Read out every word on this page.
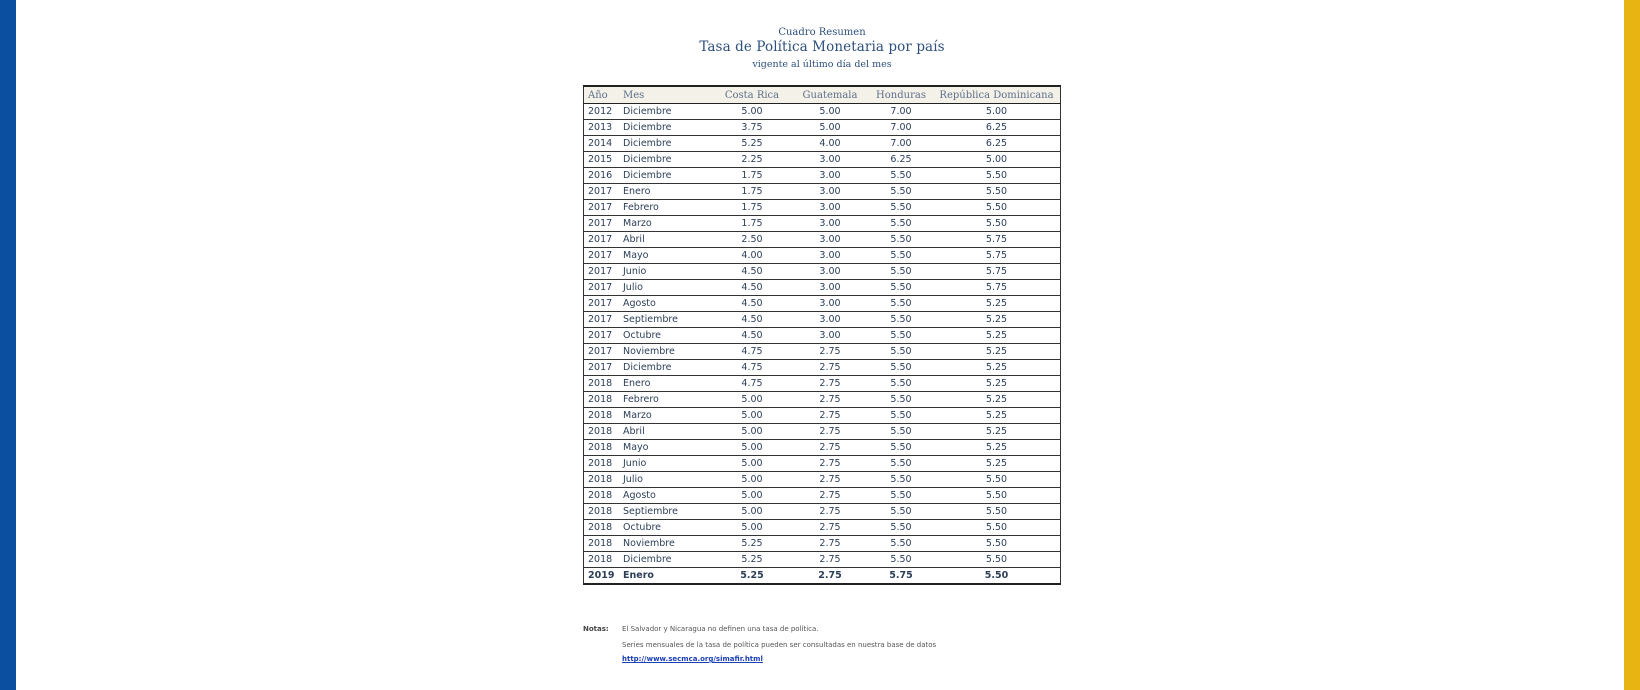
Cuadro Resumen
Tasa de Política Monetaria por país
vigente al último día del mes
Año	Mes	Costa Rica	Guatemala	Honduras	República Dominicana
2012	Diciembre	5.00	5.00	7.00	5.00
2013	Diciembre	3.75	5.00	7.00	6.25
2014	Diciembre	5.25	4.00	7.00	6.25
2015	Diciembre	2.25	3.00	6.25	5.00
2016	Diciembre	1.75	3.00	5.50	5.50
2017	Enero	1.75	3.00	5.50	5.50
2017	Febrero	1.75	3.00	5.50	5.50
2017	Marzo	1.75	3.00	5.50	5.50
2017	Abril	2.50	3.00	5.50	5.75
2017	Mayo	4.00	3.00	5.50	5.75
2017	Junio	4.50	3.00	5.50	5.75
2017	Julio	4.50	3.00	5.50	5.75
2017	Agosto	4.50	3.00	5.50	5.25
2017	Septiembre	4.50	3.00	5.50	5.25
2017	Octubre	4.50	3.00	5.50	5.25
2017	Noviembre	4.75	2.75	5.50	5.25
2017	Diciembre	4.75	2.75	5.50	5.25
2018	Enero	4.75	2.75	5.50	5.25
2018	Febrero	5.00	2.75	5.50	5.25
2018	Marzo	5.00	2.75	5.50	5.25
2018	Abril	5.00	2.75	5.50	5.25
2018	Mayo	5.00	2.75	5.50	5.25
2018	Junio	5.00	2.75	5.50	5.25
2018	Julio	5.00	2.75	5.50	5.50
2018	Agosto	5.00	2.75	5.50	5.50
2018	Septiembre	5.00	2.75	5.50	5.50
2018	Octubre	5.00	2.75	5.50	5.50
2018	Noviembre	5.25	2.75	5.50	5.50
2018	Diciembre	5.25	2.75	5.50	5.50
2019	Enero	5.25	2.75	5.75	5.50
Notas: El Salvador y Nicaragua no definen una tasa de política.
Series mensuales de la tasa de política pueden ser consultadas en nuestra base de datos
http://www.secmca.org/simafir.html
